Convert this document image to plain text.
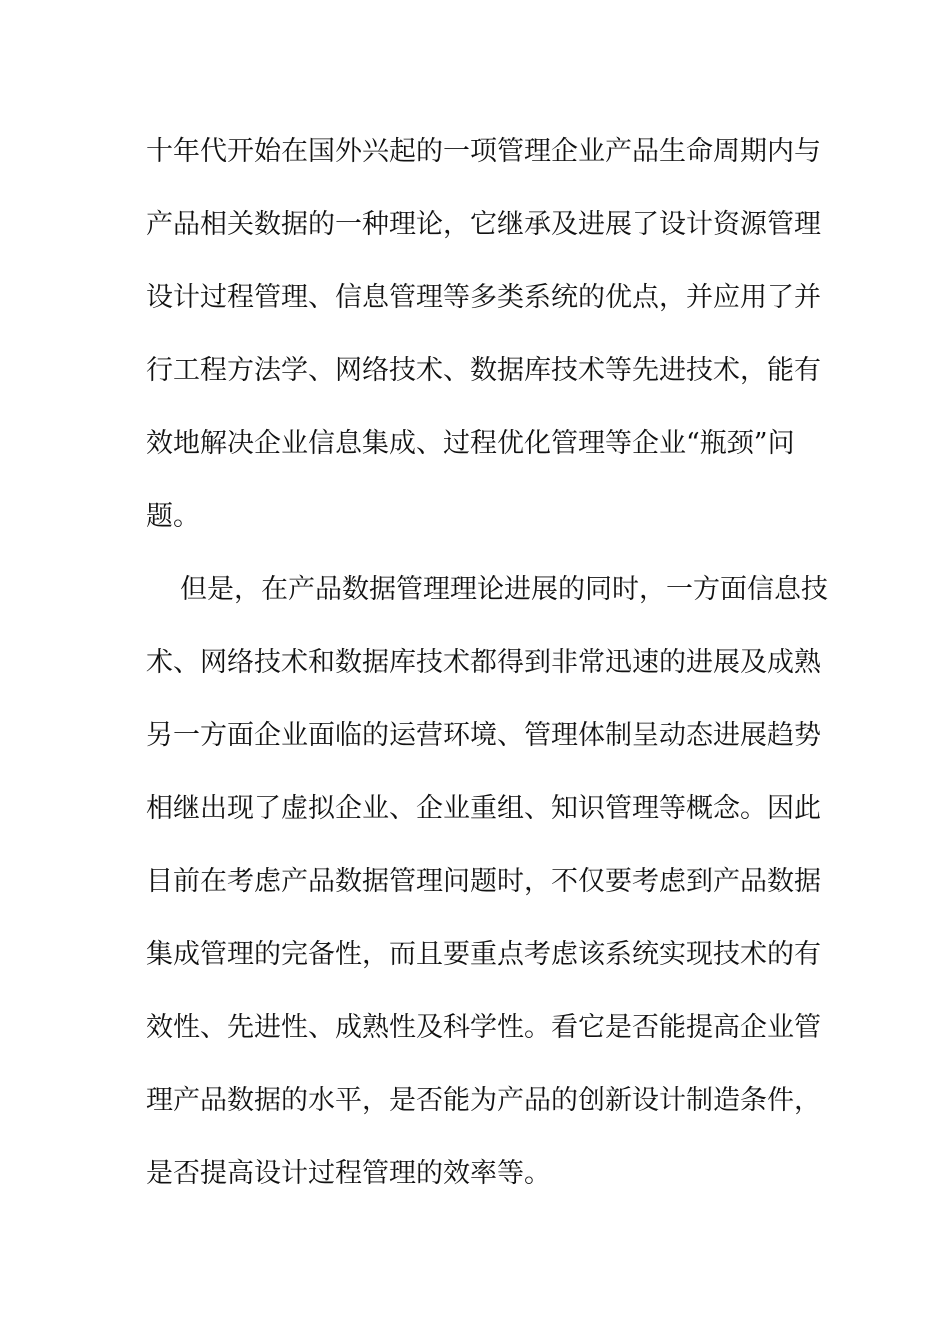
十年代开始在国外兴起的一项管理企业产品生命周期内与
产品相关数据的一种理论，它继承及进展了设计资源管理
设计过程管理、信息管理等多类系统的优点，并应用了并
行工程方法学、网络技术、数据库技术等先进技术，能有
效地解决企业信息集成、过程优化管理等企业“瓶颈”问
题。
但是，在产品数据管理理论进展的同时，一方面信息技
术、网络技术和数据库技术都得到非常迅速的进展及成熟
另一方面企业面临的运营环境、管理体制呈动态进展趋势
相继出现了虚拟企业、企业重组、知识管理等概念。因此
目前在考虑产品数据管理问题时，不仅要考虑到产品数据
集成管理的完备性，而且要重点考虑该系统实现技术的有
效性、先进性、成熟性及科学性。看它是否能提高企业管
理产品数据的水平，是否能为产品的创新设计制造条件，
是否提高设计过程管理的效率等。
